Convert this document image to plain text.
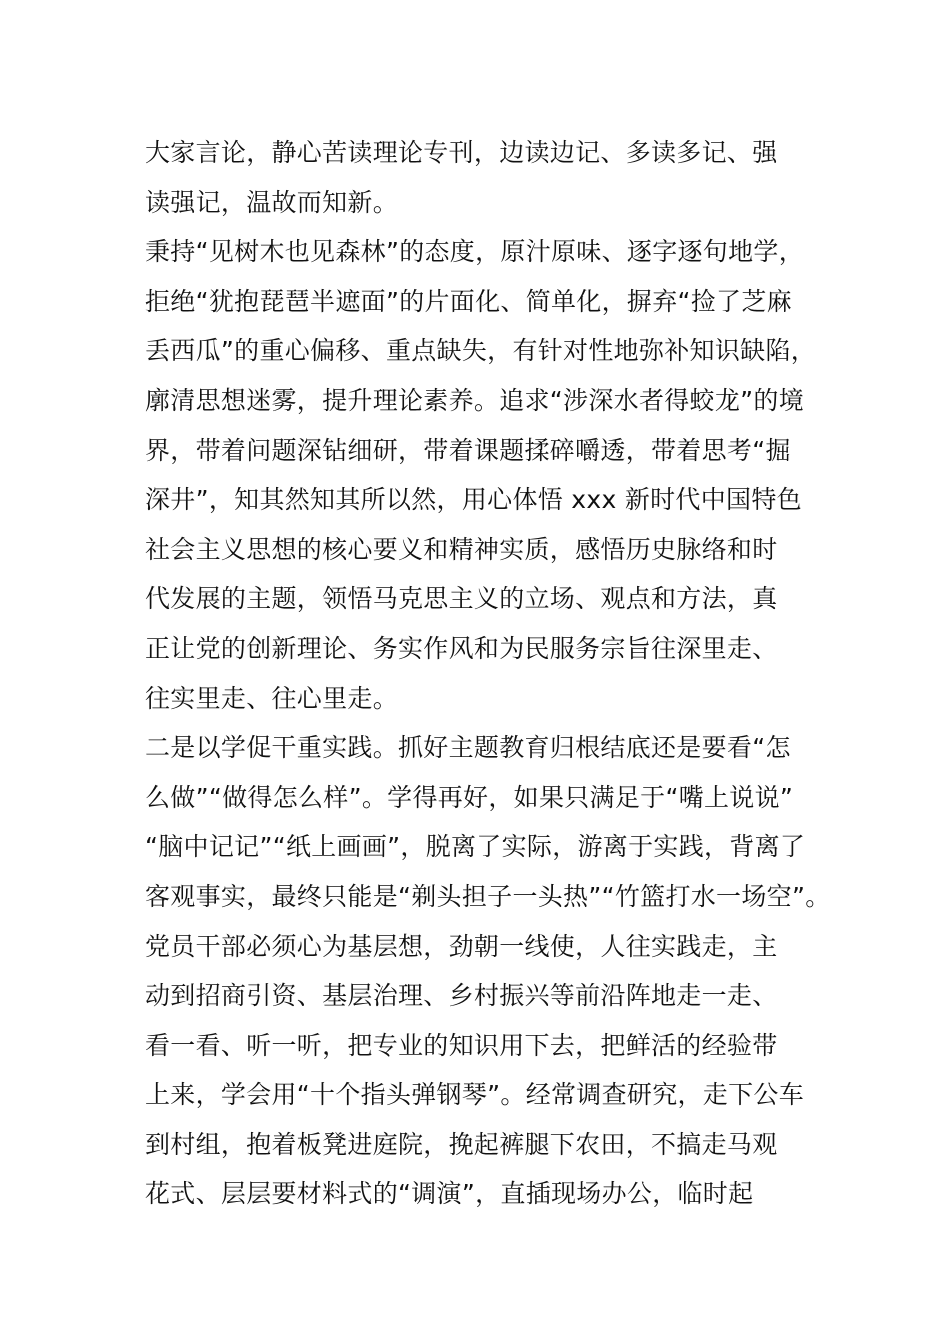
大家言论，静心苦读理论专刊，边读边记、多读多记、强
读强记，温故而知新。
秉持“见树木也见森林”的态度，原汁原味、逐字逐句地学，
拒绝“犹抱琵琶半遮面”的片面化、简单化，摒弃“捡了芝麻
丢西瓜”的重心偏移、重点缺失，有针对性地弥补知识缺陷，
廓清思想迷雾，提升理论素养。追求“涉深水者得蛟龙”的境
界，带着问题深钻细研，带着课题揉碎嚼透，带着思考“掘
深井”，知其然知其所以然，用心体悟 xxx 新时代中国特色
社会主义思想的核心要义和精神实质，感悟历史脉络和时
代发展的主题，领悟马克思主义的立场、观点和方法，真
正让党的创新理论、务实作风和为民服务宗旨往深里走、
往实里走、往心里走。
二是以学促干重实践。抓好主题教育归根结底还是要看“怎
么做”“做得怎么样”。学得再好，如果只满足于“嘴上说说”
“脑中记记”“纸上画画”，脱离了实际，游离于实践，背离了
客观事实，最终只能是“剃头担子一头热”“竹篮打水一场空”。
党员干部必须心为基层想，劲朝一线使，人往实践走，主
动到招商引资、基层治理、乡村振兴等前沿阵地走一走、
看一看、听一听，把专业的知识用下去，把鲜活的经验带
上来，学会用“十个指头弹钢琴”。经常调查研究，走下公车
到村组，抱着板凳进庭院，挽起裤腿下农田，不搞走马观
花式、层层要材料式的“调演”，直插现场办公，临时起
